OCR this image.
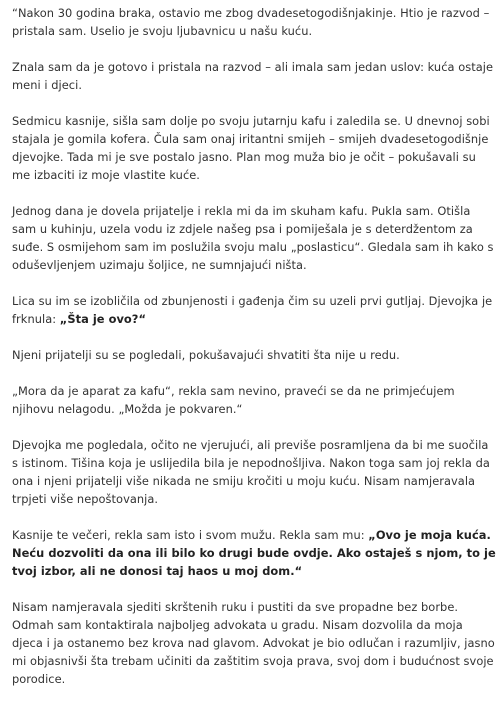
“Nakon 30 godina braka, ostavio me zbog dvadesetogodišnjakinje. Htio je razvod – pristala sam. Uselio je svoju ljubavnicu u našu kuću.

Znala sam da je gotovo i pristala na razvod – ali imala sam jedan uslov: kuća ostaje meni i djeci.

Sedmicu kasnije, sišla sam dolje po svoju jutarnju kafu i zaledila se. U dnevnoj sobi stajala je gomila kofera. Čula sam onaj iritantni smijeh – smijeh dvadesetogodišnje djevojke. Tada mi je sve postalo jasno. Plan mog muža bio je očit – pokušavali su me izbaciti iz moje vlastite kuće.

Jednog dana je dovela prijatelje i rekla mi da im skuham kafu. Pukla sam. Otišla sam u kuhinju, uzela vodu iz zdjele našeg psa i pomiješala je s deterdžentom za suđe. S osmijehom sam im poslužila svoju malu „poslasticu“. Gledala sam ih kako s oduševljenjem uzimaju šoljice, ne sumnjajući ništa.

Lica su im se izobličila od zbunjenosti i gađenja čim su uzeli prvi gutljaj. Djevojka je frknula: „Šta je ovo?“

Njeni prijatelji su se pogledali, pokušavajući shvatiti šta nije u redu.

„Mora da je aparat za kafu“, rekla sam nevino, praveći se da ne primjećujem njihovu nelagodu. „Možda je pokvaren.“

Djevojka me pogledala, očito ne vjerujući, ali previše posramljena da bi me suočila s istinom. Tišina koja je uslijedila bila je nepodnošljiva. Nakon toga sam joj rekla da ona i njeni prijatelji više nikada ne smiju kročiti u moju kuću. Nisam namjeravala trpjeti više nepoštovanja.

Kasnije te večeri, rekla sam isto i svom mužu. Rekla sam mu: „Ovo je moja kuća. Neću dozvoliti da ona ili bilo ko drugi bude ovdje. Ako ostaješ s njom, to je tvoj izbor, ali ne donosi taj haos u moj dom.“

Nisam namjeravala sjediti skrštenih ruku i pustiti da sve propadne bez borbe. Odmah sam kontaktirala najboljeg advokata u gradu. Nisam dozvolila da moja djeca i ja ostanemo bez krova nad glavom. Advokat je bio odlučan i razumljiv, jasno mi objasnivši šta trebam učiniti da zaštitim svoja prava, svoj dom i budućnost svoje porodice.
